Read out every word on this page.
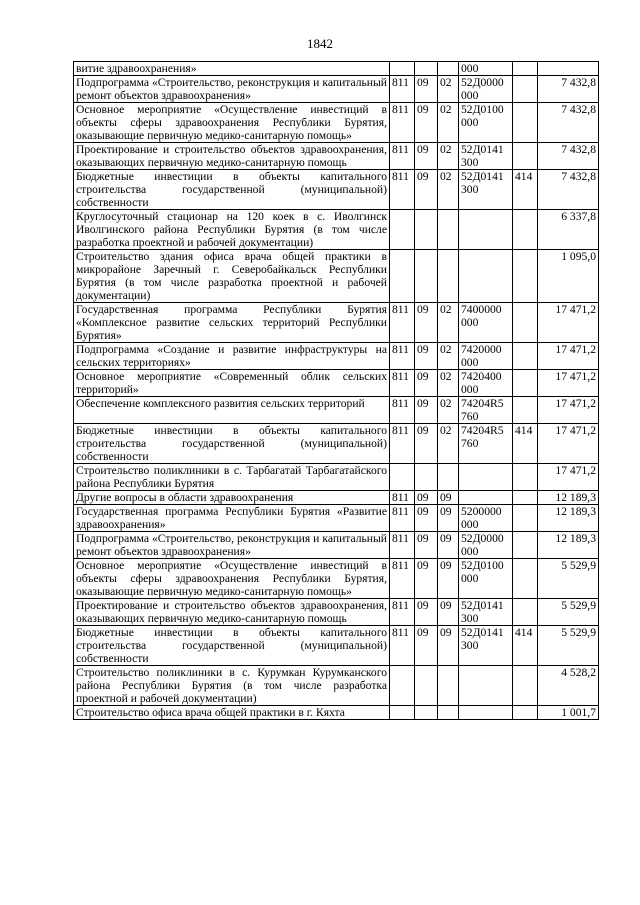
1842
витие здравоохранения»				000		
Подпрограмма «Строительство, реконструкция и капитальный ремонт объектов здравоохранения»	811	09	02	52Д0000 000		7 432,8
Основное мероприятие «Осуществление инвестиций в объекты сферы здравоохранения Республики Бурятия, оказывающие первичную медико-санитарную помощь»	811	09	02	52Д0100 000		7 432,8
Проектирование и строительство объектов здравоохранения, оказывающих первичную медико-санитарную помощь	811	09	02	52Д0141 300		7 432,8
Бюджетные инвестиции в объекты капитального строительства государственной (муниципальной) собственности	811	09	02	52Д0141 300	414	7 432,8
Круглосуточный стационар на 120 коек в с. Иволгинск Иволгинского района Республики Бурятия (в том числе разработка проектной и рабочей документации)						6 337,8
Строительство здания офиса врача общей практики в микрорайоне Заречный г. Северобайкальск Республики Бурятия (в том числе разработка проектной и рабочей документации)						1 095,0
Государственная программа Республики Бурятия «Комплексное развитие сельских территорий Республики Бурятия»	811	09	02	7400000 000		17 471,2
Подпрограмма «Создание и развитие инфраструктуры на сельских территориях»	811	09	02	7420000 000		17 471,2
Основное мероприятие «Современный облик сельских территорий»	811	09	02	7420400 000		17 471,2
Обеспечение комплексного развития сельских территорий	811	09	02	74204R5 760		17 471,2
Бюджетные инвестиции в объекты капитального строительства государственной (муниципальной) собственности	811	09	02	74204R5 760	414	17 471,2
Строительство поликлиники в с. Тарбагатай Тарбагатайского района Республики Бурятия						17 471,2
Другие вопросы в области здравоохранения	811	09	09			12 189,3
Государственная программа Республики Бурятия «Развитие здравоохранения»	811	09	09	5200000 000		12 189,3
Подпрограмма «Строительство, реконструкция и капитальный ремонт объектов здравоохранения»	811	09	09	52Д0000 000		12 189,3
Основное мероприятие «Осуществление инвестиций в объекты сферы здравоохранения Республики Бурятия, оказывающие первичную медико-санитарную помощь»	811	09	09	52Д0100 000		5 529,9
Проектирование и строительство объектов здравоохранения, оказывающих первичную медико-санитарную помощь	811	09	09	52Д0141 300		5 529,9
Бюджетные инвестиции в объекты капитального строительства государственной (муниципальной) собственности	811	09	09	52Д0141 300	414	5 529,9
Строительство поликлиники в с. Курумкан Курумканского района Республики Бурятия (в том числе разработка проектной и рабочей документации)						4 528,2
Строительство офиса врача общей практики в г. Кяхта						1 001,7
